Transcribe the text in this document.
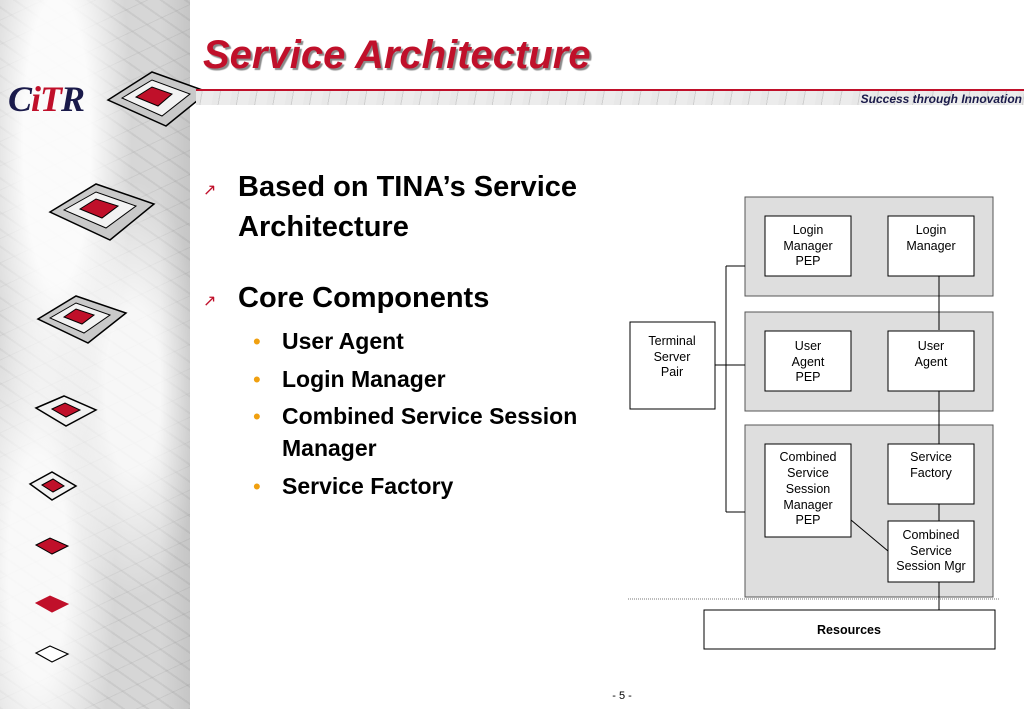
CiTR
Service Architecture
Success through Innovation
↗ Based on TINA’s Service
Architecture
↗ Core Components
• User Agent
• Login Manager
• Combined Service Session
Manager
• Service Factory
Terminal Server Pair
Login Manager PEP
Login Manager
User Agent PEP
User Agent
Combined Service Session Manager PEP
Service Factory
Combined Service Session Mgr
Resources
- 5 -
